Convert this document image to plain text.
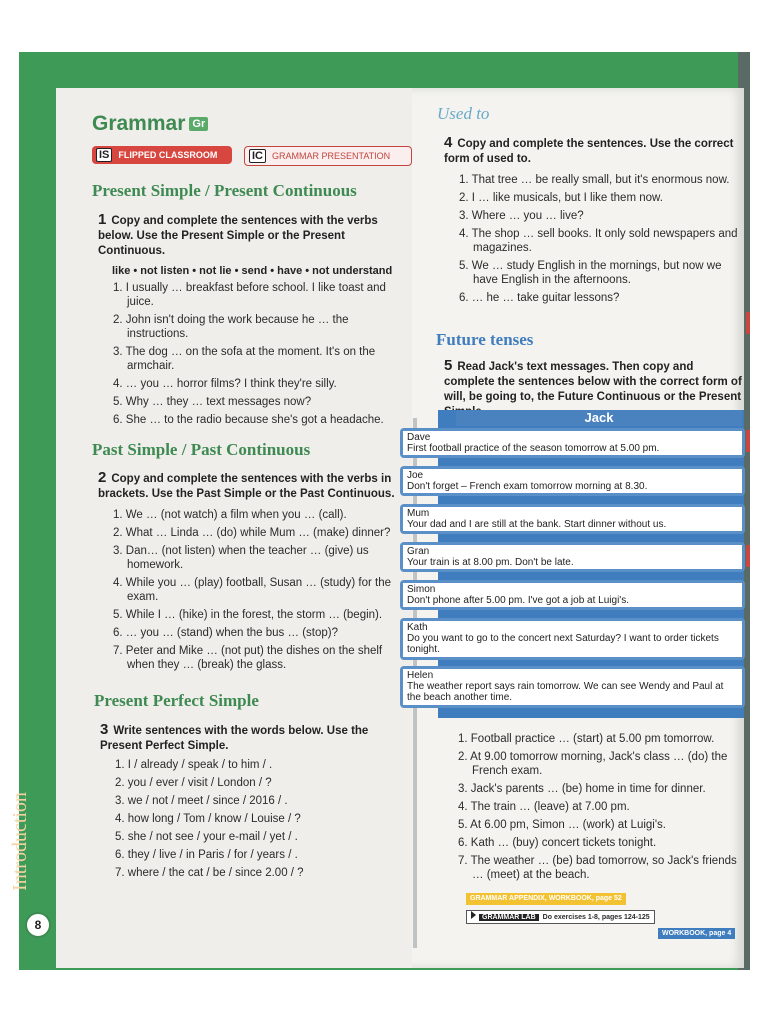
Grammar Gr
IS	FLIPPED CLASSROOM	IC	GRAMMAR PRESENTATION
Present Simple / Present Continuous
1 Copy and complete the sentences with the verbs below. Use the Present Simple or the Present Continuous.
like • not listen • not lie • send • have • not understand
1. I usually … breakfast before school. I like toast and juice.
2. John isn't doing the work because he … the instructions.
3. The dog … on the sofa at the moment. It's on the armchair.
4. … you … horror films? I think they're silly.
5. Why … they … text messages now?
6. She … to the radio because she's got a headache.
Past Simple / Past Continuous
2 Copy and complete the sentences with the verbs in brackets. Use the Past Simple or the Past Continuous.
1. We … (not watch) a film when you … (call).
2. What … Linda … (do) while Mum … (make) dinner?
3. Dan… (not listen) when the teacher … (give) us homework.
4. While you … (play) football, Susan … (study) for the exam.
5. While I … (hike) in the forest, the storm … (begin).
6. … you … (stand) when the bus … (stop)?
7. Peter and Mike … (not put) the dishes on the shelf when they … (break) the glass.
Present Perfect Simple
3 Write sentences with the words below. Use the Present Perfect Simple.
1. I / already / speak / to him / .
2. you / ever / visit / London / ?
3. we / not / meet / since / 2016 / .
4. how long / Tom / know / Louise / ?
5. she / not see / your e-mail / yet / .
6. they / live / in Paris / for / years / .
7. where / the cat / be / since 2.00 / ?
Used to
4 Copy and complete the sentences. Use the correct form of used to.
1. That tree … be really small, but it's enormous now.
2. I … like musicals, but I like them now.
3. Where … you … live?
4. The shop … sell books. It only sold newspapers and magazines.
5. We … study English in the mornings, but now we have English in the afternoons.
6. … he … take guitar lessons?
Future tenses
5 Read Jack's text messages. Then copy and complete the sentences below with the correct form of will, be going to, the Future Continuous or the Present
Jack
Dave
First football practice of the season tomorrow at 5.00 pm.
Joe
Don't forget – French exam tomorrow morning at 8.30.
Mum
Your dad and I are still at the bank. Start dinner without us.
Gran
Your train is at 8.00 pm. Don't be late.
Simon
Don't phone after 5.00 pm. I've got a job at Luigi's.
Kath
Do you want to go to the concert next Saturday? I want to order tickets tonight.
Helen
The weather report says rain tomorrow. We can see Wendy and Paul at the beach another time.
1. Football practice … (start) at 5.00 pm tomorrow.
2. At 9.00 tomorrow morning, Jack's class … (do) the French exam.
3. Jack's parents … (be) home in time for dinner.
4. The train … (leave) at 7.00 pm.
5. At 6.00 pm, Simon … (work) at Luigi's.
6. Kath … (buy) concert tickets tonight.
7. The weather … (be) bad tomorrow, so Jack's friends … (meet) at the beach.
GRAMMAR APPENDIX, WORKBOOK, page 52
GRAMMAR LAB Do exercises 1-8, pages 124-125
WORKBOOK, page 4
Introduction
8
